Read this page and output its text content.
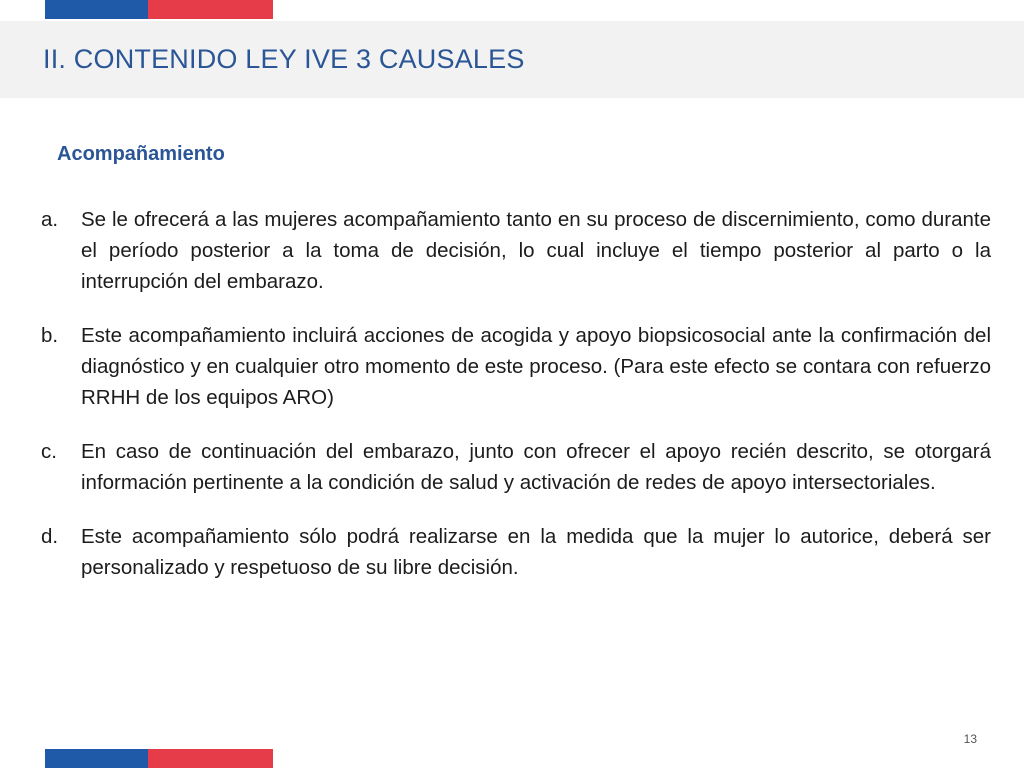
II. CONTENIDO LEY IVE 3 CAUSALES
Acompañamiento
a.	Se le ofrecerá a las mujeres acompañamiento tanto en su proceso de discernimiento, como durante el período posterior a la toma de decisión, lo cual incluye el tiempo posterior al parto o la interrupción del embarazo.
b.	Este acompañamiento incluirá acciones de acogida y apoyo biopsicosocial ante la confirmación del diagnóstico y en cualquier otro momento de este proceso. (Para este efecto se contara con refuerzo RRHH de los equipos ARO)
c.	En caso de continuación del embarazo, junto con ofrecer el apoyo recién descrito, se otorgará información pertinente a la condición de salud y activación de redes de apoyo intersectoriales.
d.	Este acompañamiento sólo podrá realizarse en la medida que la mujer lo autorice, deberá ser personalizado y respetuoso de su libre decisión.
13
